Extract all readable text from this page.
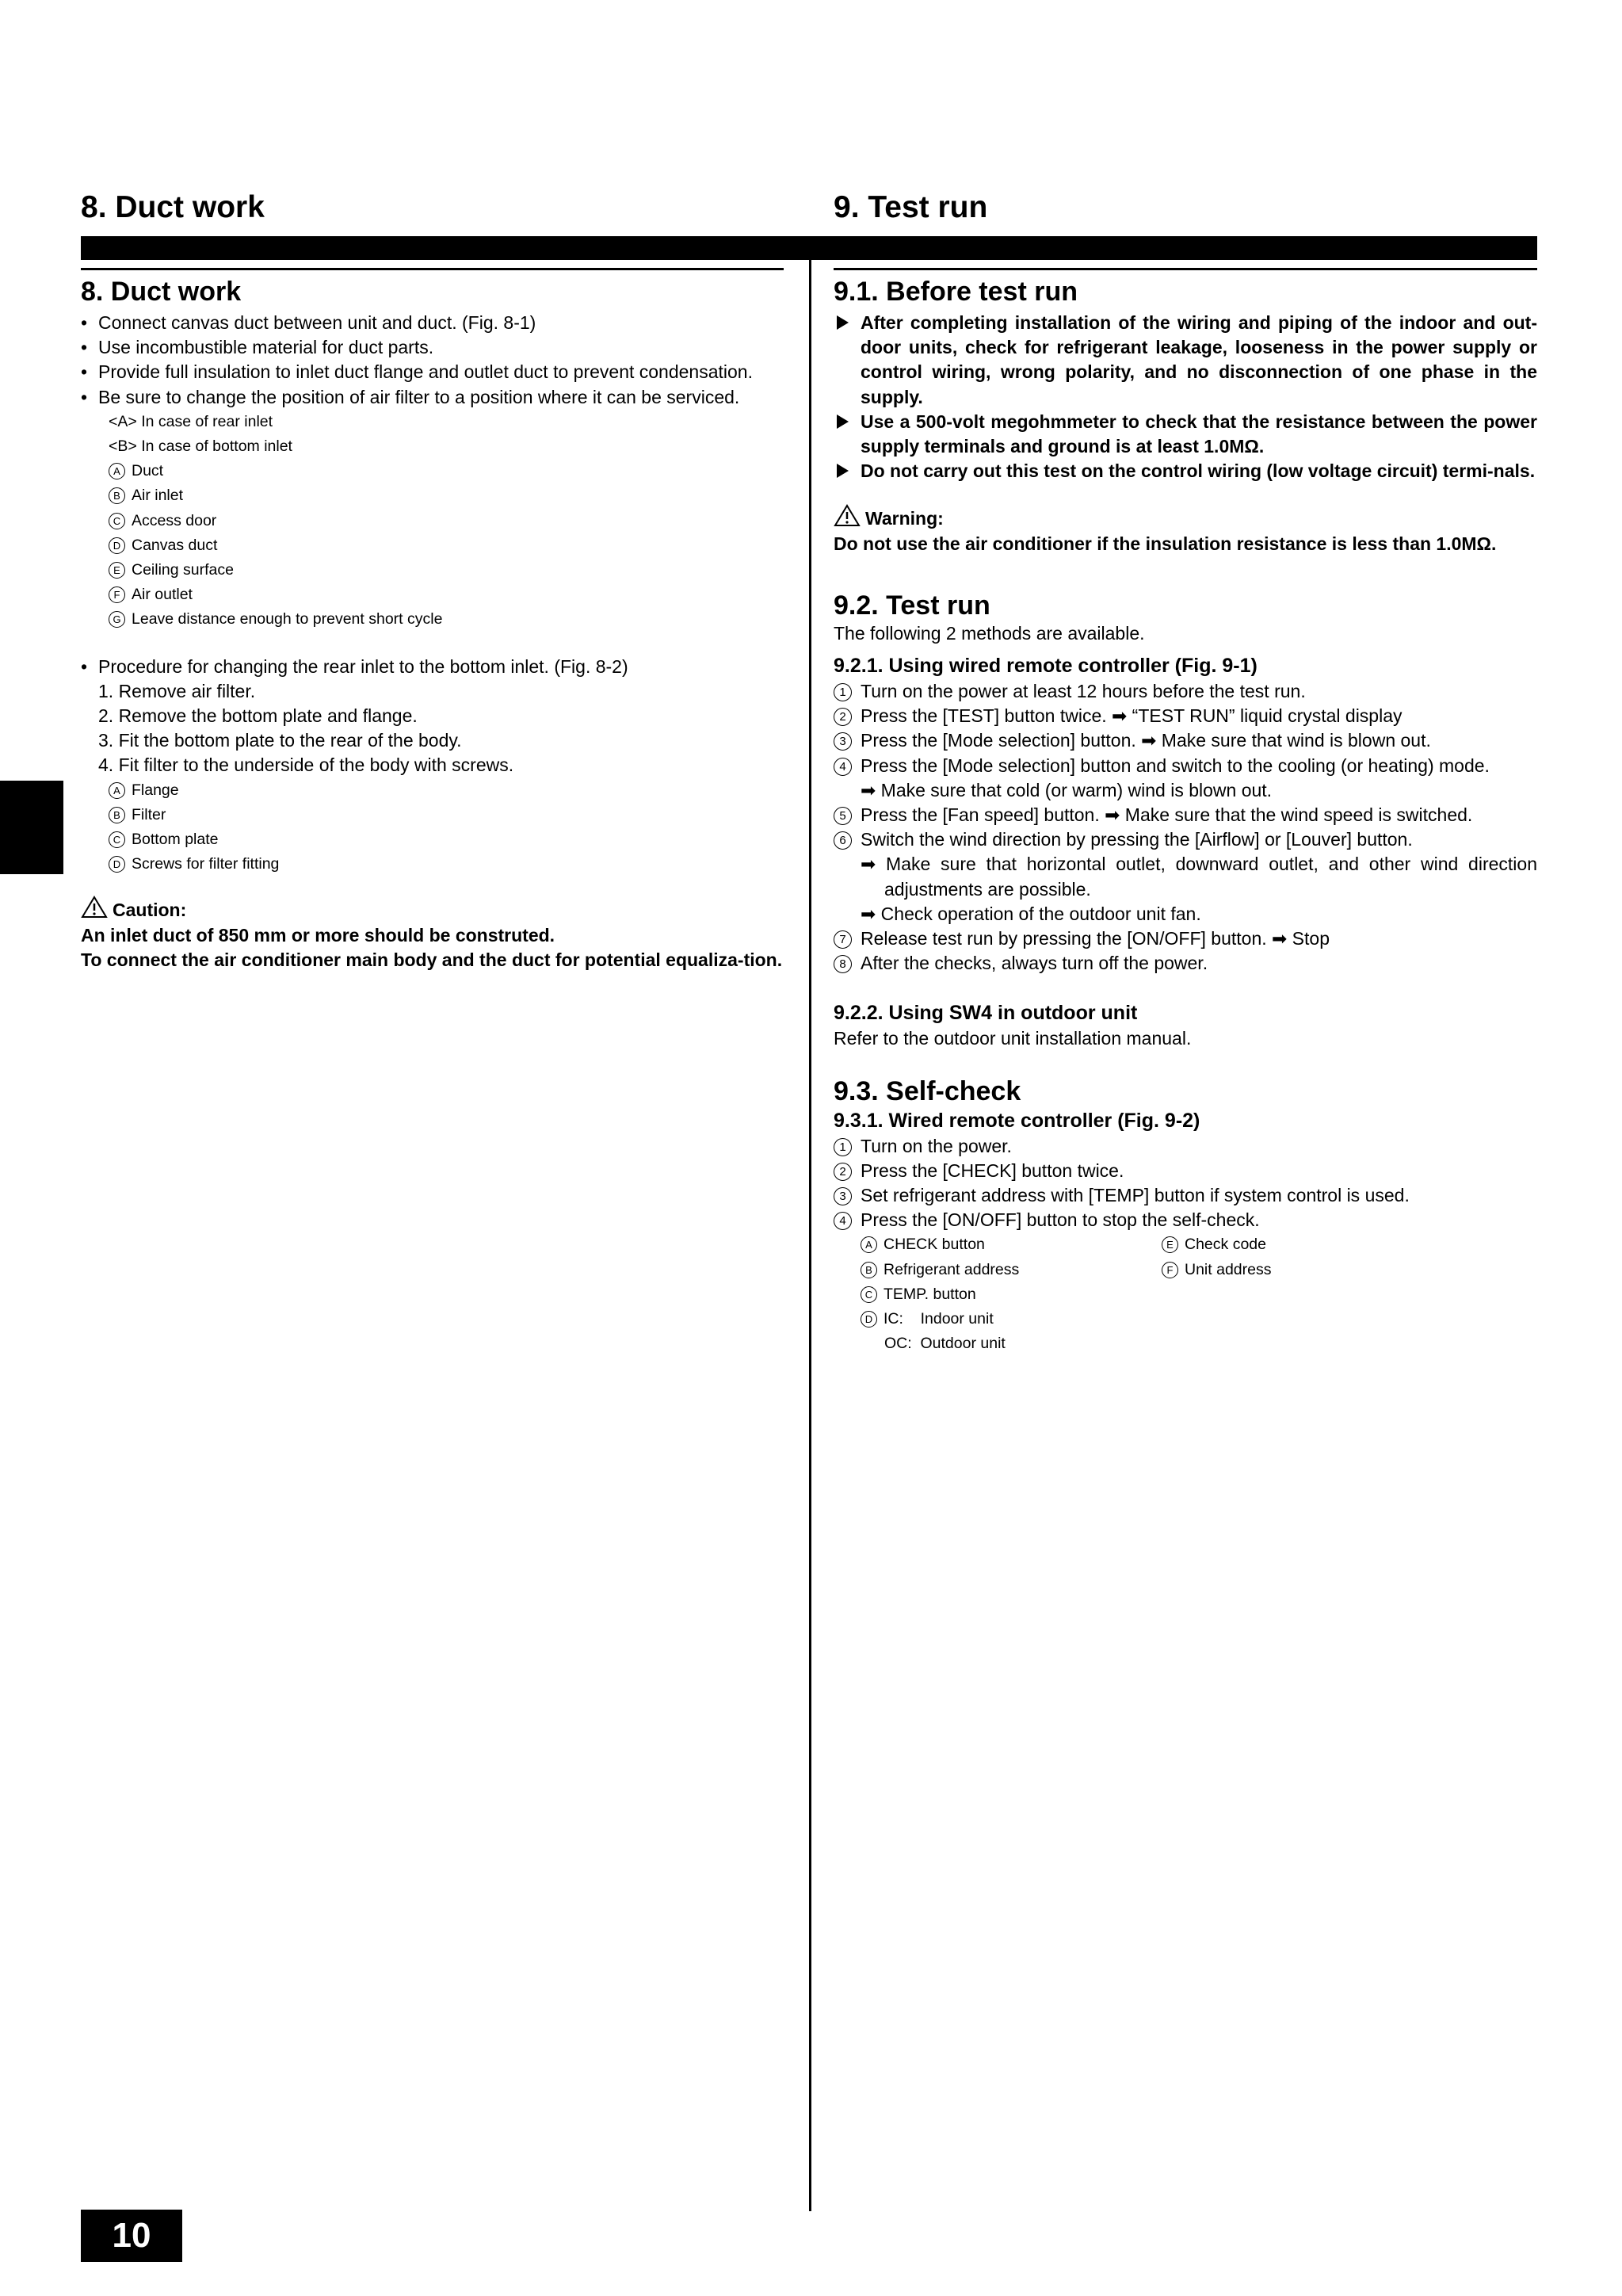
8. Duct work	9. Test run
10

8. Duct work

• Connect canvas duct between unit and duct. (Fig. 8-1)

• Use incombustible material for duct parts.

• Provide full insulation to inlet duct flange and outlet duct to prevent condensation.

• Be sure to change the position of air filter to a position where it can be serviced.

<A> In case of rear inlet

<B> In case of bottom inlet

A Duct

B Air inlet

C Access door

D Canvas duct

E Ceiling surface

F Air outlet

G Leave distance enough to prevent short cycle

• Procedure for changing the rear inlet to the bottom inlet. (Fig. 8-2)

1. Remove air filter.

2. Remove the bottom plate and flange.

3. Fit the bottom plate to the rear of the body.

4. Fit filter to the underside of the body with screws.

A Flange

B Filter

C Bottom plate

D Screws for filter fitting

Caution:

An inlet duct of 850 mm or more should be construted.

To connect the air conditioner main body and the duct for potential equaliza-tion.

9.1. Before test run

After completing installation of the wiring and piping of the indoor and out-door units, check for refrigerant leakage, looseness in the power supply or control wiring, wrong polarity, and no disconnection of one phase in the supply.

Use a 500-volt megohmmeter to check that the resistance between the power supply terminals and ground is at least 1.0MΩ.

Do not carry out this test on the control wiring (low voltage circuit) termi-nals.

Warning:

Do not use the air conditioner if the insulation resistance is less than 1.0MΩ.

9.2. Test run

The following 2 methods are available.

9.2.1. Using wired remote controller (Fig. 9-1)

1 Turn on the power at least 12 hours before the test run.

2 Press the [TEST] button twice. ➡ “TEST RUN” liquid crystal display

3 Press the [Mode selection] button. ➡ Make sure that wind is blown out.

4 Press the [Mode selection] button and switch to the cooling (or heating) mode.

➡ Make sure that cold (or warm) wind is blown out.

5 Press the [Fan speed] button. ➡ Make sure that the wind speed is switched.

6 Switch the wind direction by pressing the [Airflow] or [Louver] button.

➡ Make sure that horizontal outlet, downward outlet, and other wind direction adjustments are possible.

➡ Check operation of the outdoor unit fan.

7 Release test run by pressing the [ON/OFF] button. ➡ Stop

8 After the checks, always turn off the power.

9.2.2. Using SW4 in outdoor unit

Refer to the outdoor unit installation manual.

9.3. Self-check

9.3.1. Wired remote controller (Fig. 9-2)

1 Turn on the power.

2 Press the [CHECK] button twice.

3 Set refrigerant address with [TEMP] button if system control is used.

4 Press the [ON/OFF] button to stop the self-check.

A CHECK button	E Check code

B Refrigerant address	F Unit address

C TEMP. button

D IC:    Indoor unit

OC:  Outdoor unit
